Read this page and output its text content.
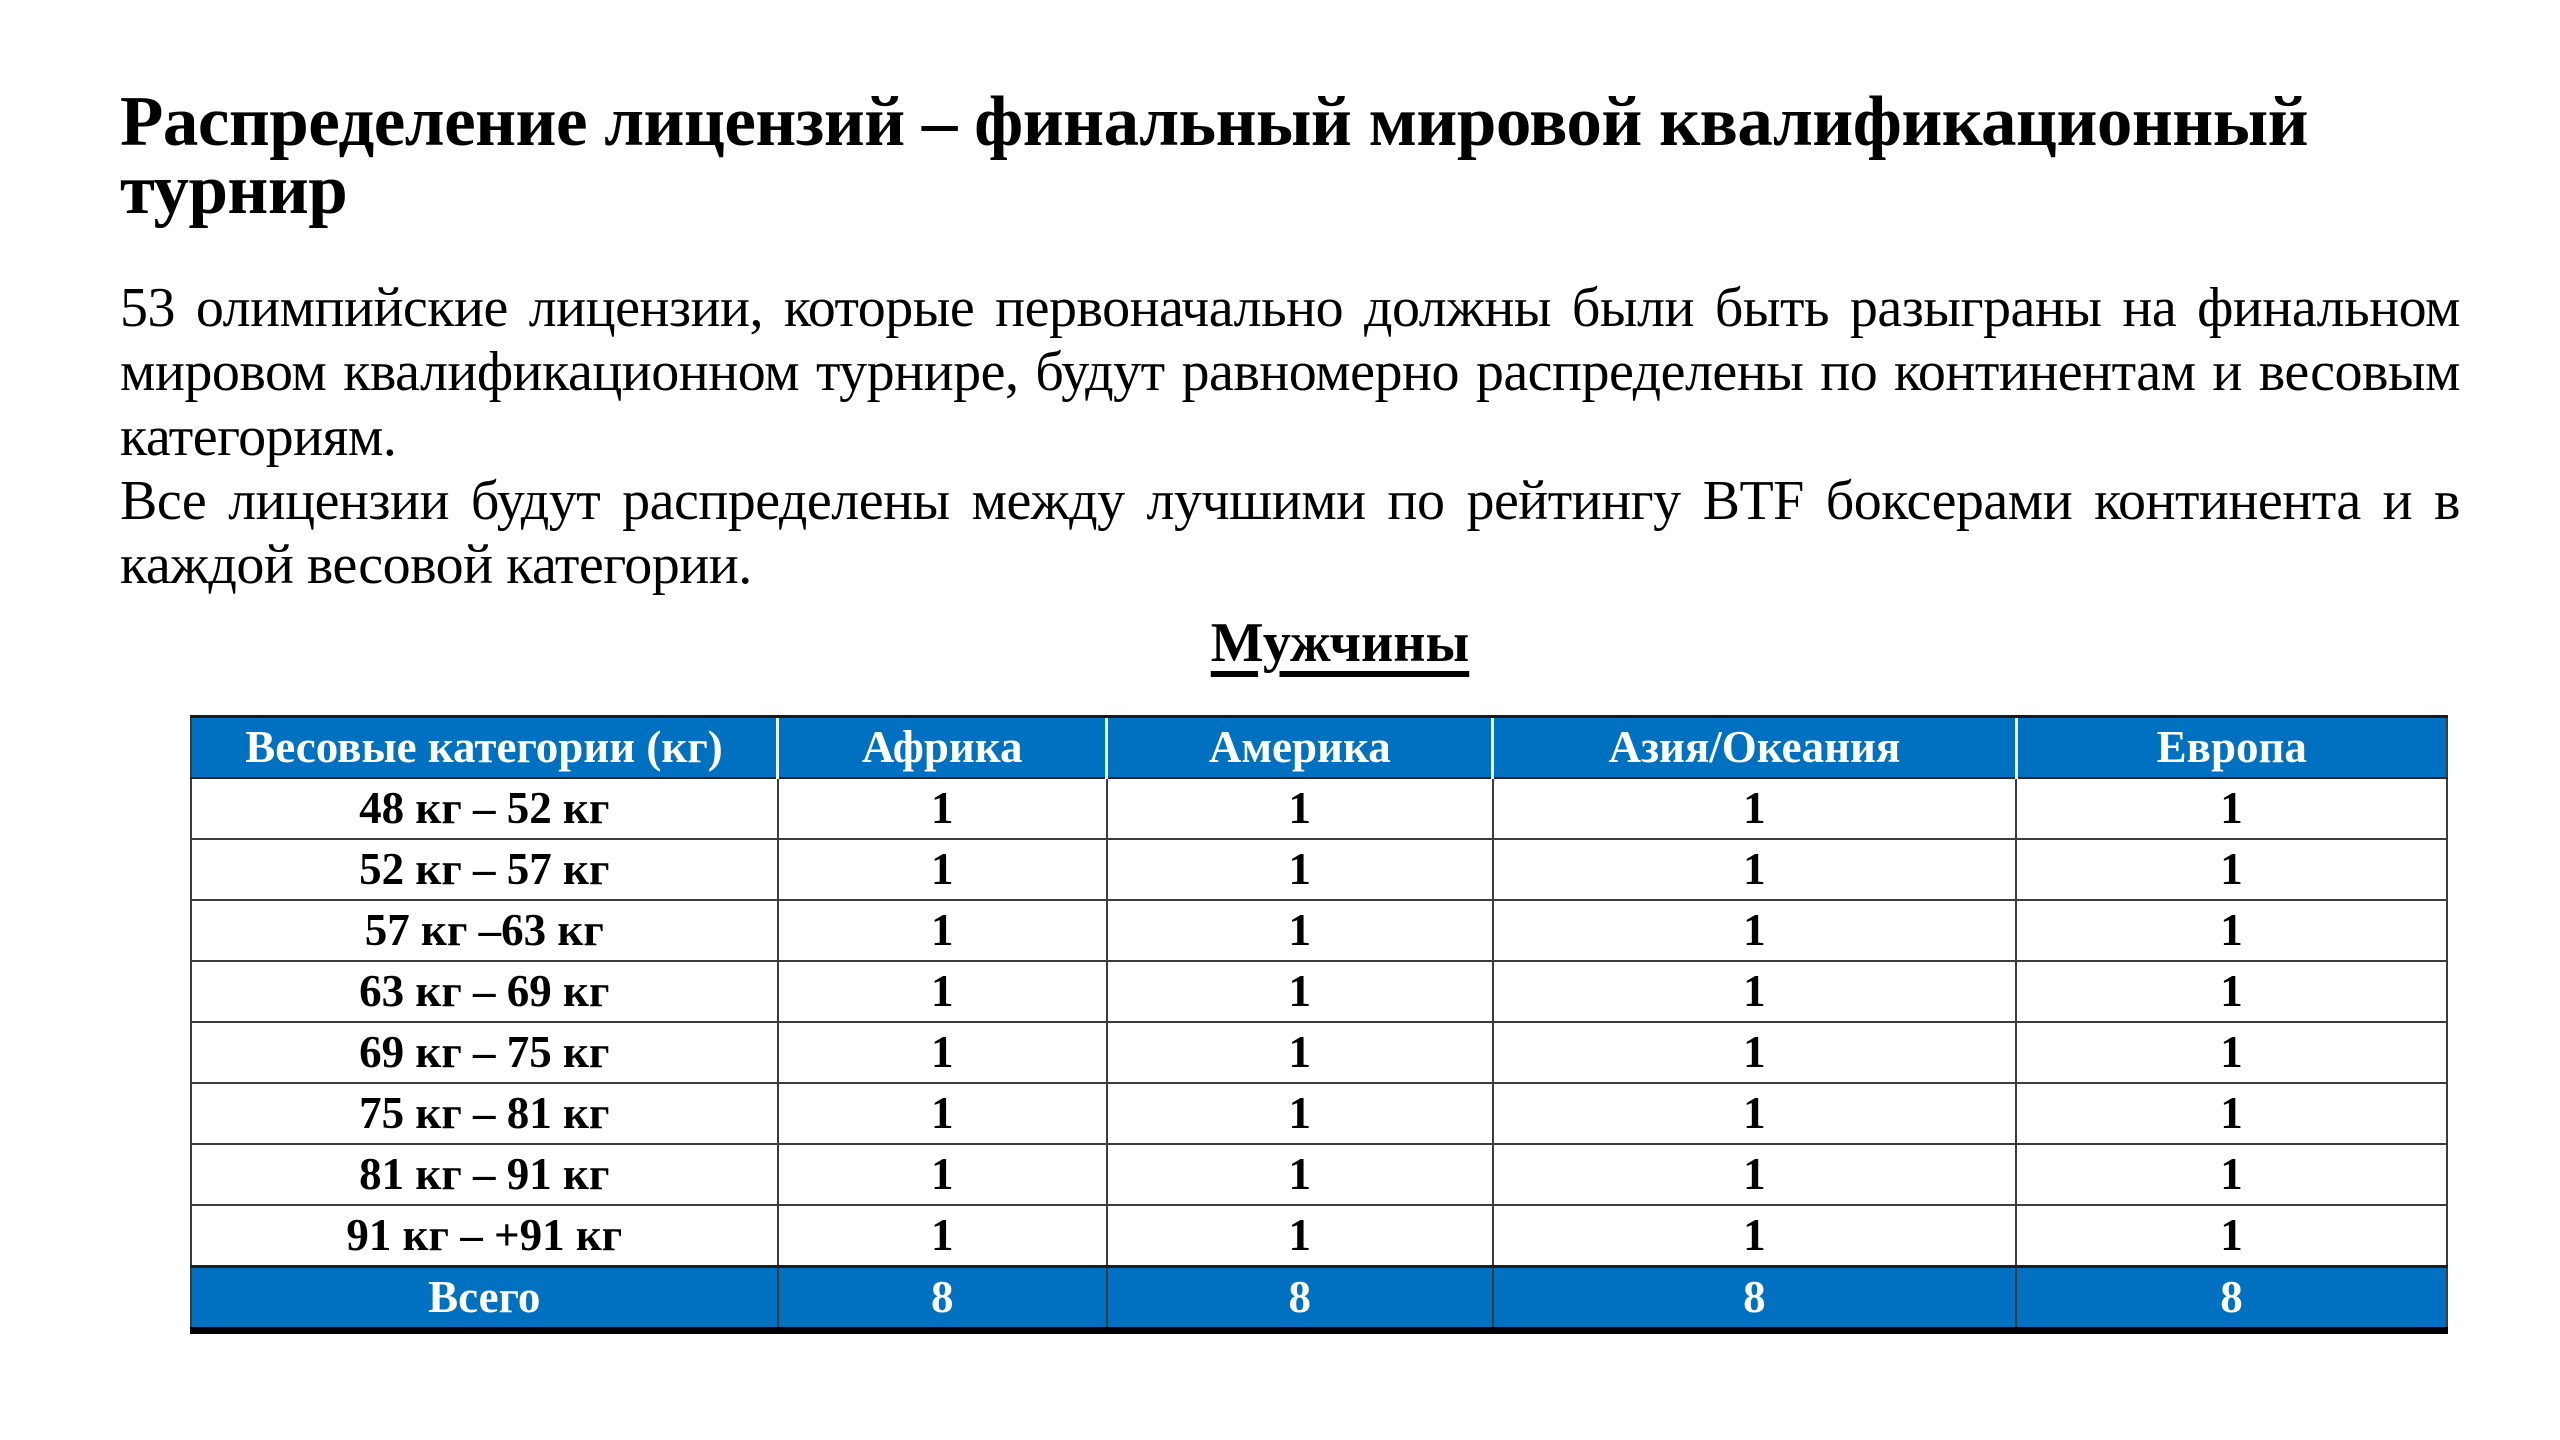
Распределение лицензий – финальный мировой квалификационный
турнир

53 олимпийские лицензии, которые первоначально должны были быть разыграны на финальном мировом квалификационном турнире, будут равномерно распределены по континентам и весовым категориям.

Все лицензии будут распределены между лучшими по рейтингу BTF боксерами континента и в каждой весовой категории.

Мужчины
Весовые категории (кг)	Африка	Америка	Азия/Океания	Европа
48 кг – 52 кг	1	1	1	1
52 кг – 57 кг	1	1	1	1
57 кг –63 кг	1	1	1	1
63 кг – 69 кг	1	1	1	1
69 кг – 75 кг	1	1	1	1
75 кг – 81 кг	1	1	1	1
81 кг – 91 кг	1	1	1	1
91 кг – +91 кг	1	1	1	1
Всего	8	8	8	8
